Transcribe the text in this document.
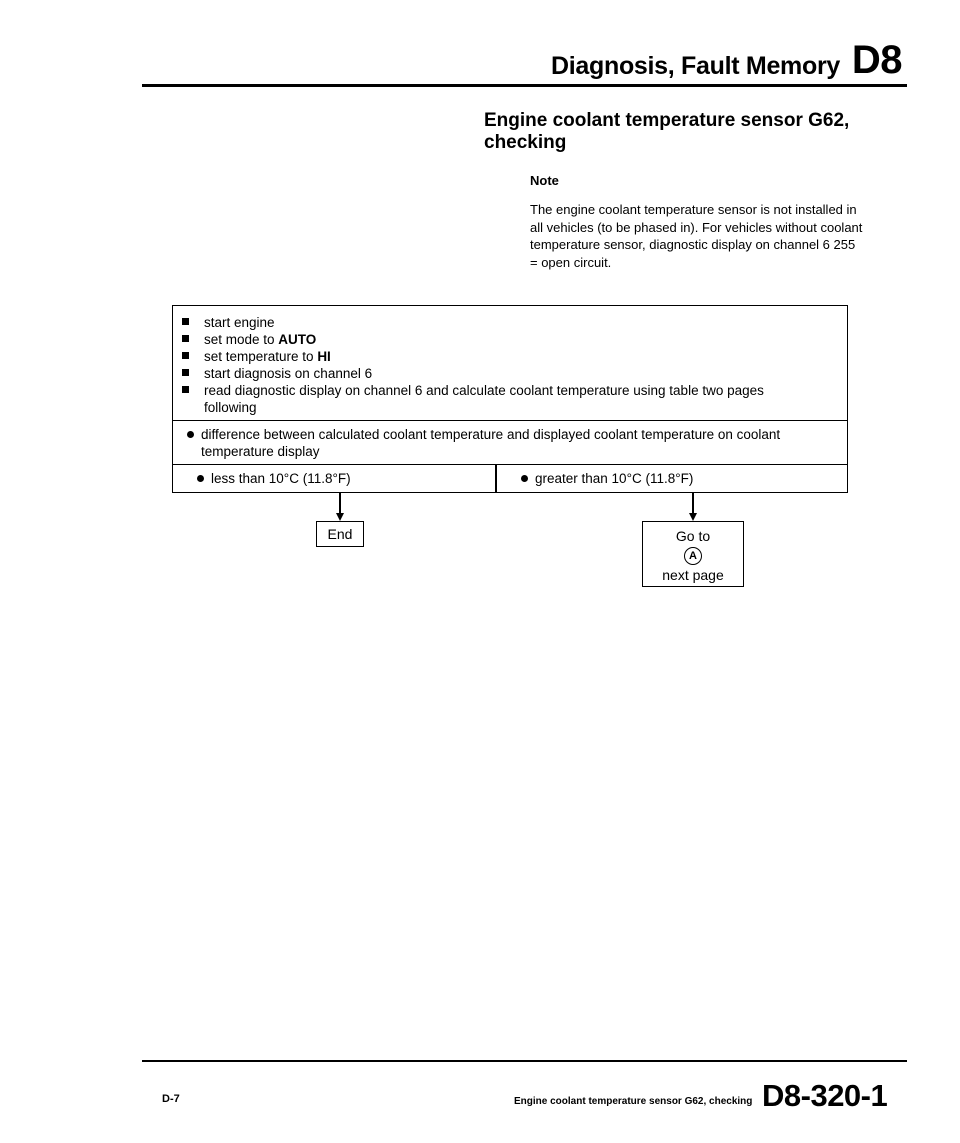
Diagnosis, Fault Memory D8
Engine coolant temperature sensor G62, checking
Note
The engine coolant temperature sensor is not installed in all vehicles (to be phased in). For vehicles without coolant temperature sensor, diagnostic display on channel 6 255 = open circuit.
start engine
set mode to AUTO
set temperature to HI
start diagnosis on channel 6
read diagnostic display on channel 6 and calculate coolant temperature using table two pages following
difference between calculated coolant temperature and displayed coolant temperature on coolant temperature display
less than 10°C (11.8°F)	greater than 10°C (11.8°F)
End	Go to
A
next page
D-7	Engine coolant temperature sensor G62, checking D8-320-1
